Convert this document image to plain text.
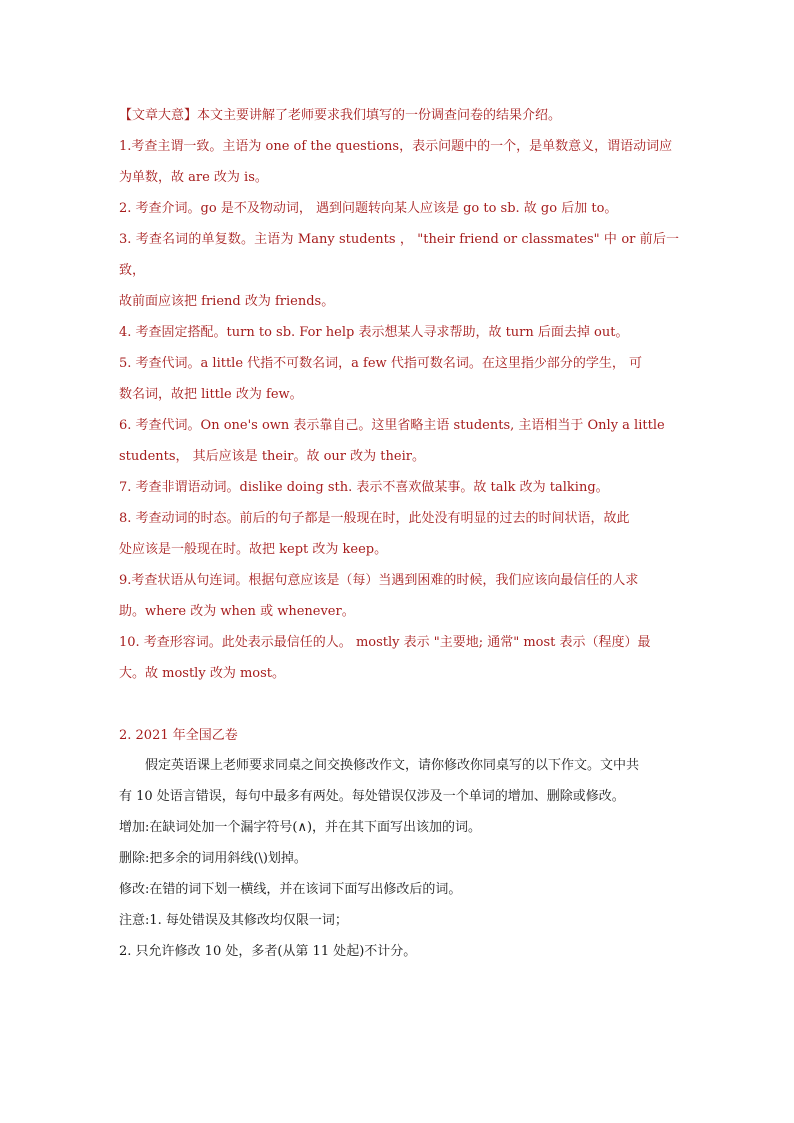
【文章大意】本文主要讲解了老师要求我们填写的一份调查问卷的结果介绍。

1.考查主谓一致。主语为 one of the questions，表示问题中的一个，是单数意义，谓语动词应

为单数，故 are 改为 is。

2. 考查介词。go 是不及物动词， 遇到问题转向某人应该是 go to sb. 故 go 后加 to。

3. 考查名词的单复数。主语为 Many students ， "their friend or classmates" 中 or 前后一致，

故前面应该把 friend 改为 friends。

4. 考查固定搭配。turn to sb. For help 表示想某人寻求帮助，故 turn 后面去掉 out。

5. 考查代词。a little 代指不可数名词，a few 代指可数名词。在这里指少部分的学生， 可

数名词，故把 little 改为 few。

6. 考查代词。On one's own 表示靠自己。这里省略主语 students, 主语相当于 Only a little

students， 其后应该是 their。故 our 改为 their。

7. 考查非谓语动词。dislike doing sth. 表示不喜欢做某事。故 talk 改为 talking。

8. 考查动词的时态。前后的句子都是一般现在时，此处没有明显的过去的时间状语，故此

处应该是一般现在时。故把 kept 改为 keep。

9.考查状语从句连词。根据句意应该是（每）当遇到困难的时候，我们应该向最信任的人求

助。where 改为 when 或 whenever。

10. 考查形容词。此处表示最信任的人。 mostly 表示 "主要地; 通常" most 表示（程度）最

大。故 mostly 改为 most。

2. 2021 年全国乙卷

假定英语课上老师要求同桌之间交换修改作文，请你修改你同桌写的以下作文。文中共

有 10 处语言错误，每句中最多有两处。每处错误仅涉及一个单词的增加、删除或修改。

增加:在缺词处加一个漏字符号(∧)，并在其下面写出该加的词。

删除:把多余的词用斜线(\)划掉。

修改:在错的词下划一横线，并在该词下面写出修改后的词。

注意:1. 每处错误及其修改均仅限一词；

2. 只允许修改 10 处，多者(从第 11 处起)不计分。
